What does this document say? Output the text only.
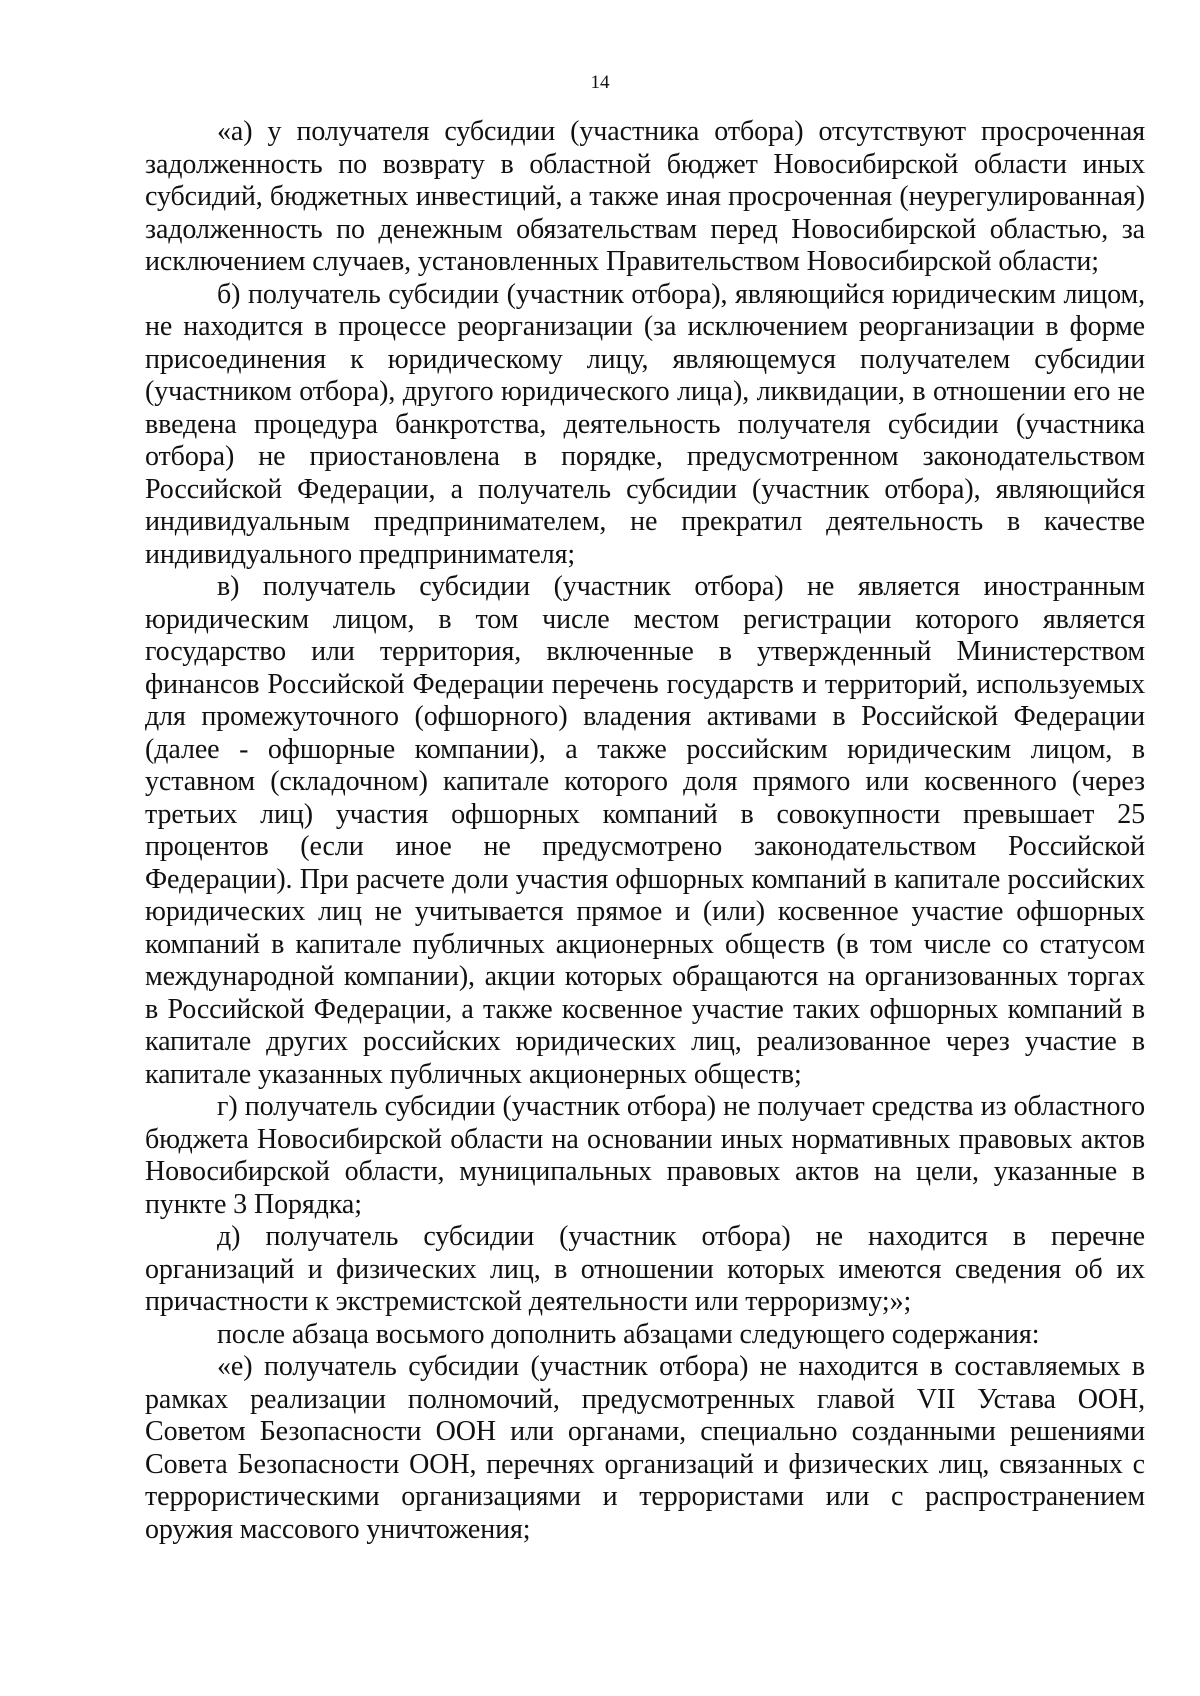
14

«а) у получателя субсидии (участника отбора) отсутствуют просроченная задолженность по возврату в областной бюджет Новосибирской области иных субсидий, бюджетных инвестиций, а также иная просроченная (неурегулированная) задолженность по денежным обязательствам перед Новосибирской областью, за исключением случаев, установленных Правительством Новосибирской области;

б) получатель субсидии (участник отбора), являющийся юридическим лицом, не находится в процессе реорганизации (за исключением реорганизации в форме присоединения к юридическому лицу, являющемуся получателем субсидии (участником отбора), другого юридического лица), ликвидации, в отношении его не введена процедура банкротства, деятельность получателя субсидии (участника отбора) не приостановлена в порядке, предусмотренном законодательством Российской Федерации, а получатель субсидии (участник отбора), являющийся индивидуальным предпринимателем, не прекратил деятельность в качестве индивидуального предпринимателя;

в) получатель субсидии (участник отбора) не является иностранным юридическим лицом, в том числе местом регистрации которого является государство или территория, включенные в утвержденный Министерством финансов Российской Федерации перечень государств и территорий, используемых для промежуточного (офшорного) владения активами в Российской Федерации (далее - офшорные компании), а также российским юридическим лицом, в уставном (складочном) капитале которого доля прямого или косвенного (через третьих лиц) участия офшорных компаний в совокупности превышает 25 процентов (если иное не предусмотрено законодательством Российской Федерации). При расчете доли участия офшорных компаний в капитале российских юридических лиц не учитывается прямое и (или) косвенное участие офшорных компаний в капитале публичных акционерных обществ (в том числе со статусом международной компании), акции которых обращаются на организованных торгах в Российской Федерации, а также косвенное участие таких офшорных компаний в капитале других российских юридических лиц, реализованное через участие в капитале указанных публичных акционерных обществ;

г) получатель субсидии (участник отбора) не получает средства из областного бюджета Новосибирской области на основании иных нормативных правовых актов Новосибирской области, муниципальных правовых актов на цели, указанные в пункте 3 Порядка;

д) получатель субсидии (участник отбора) не находится в перечне организаций и физических лиц, в отношении которых имеются сведения об их причастности к экстремистской деятельности или терроризму;»;

после абзаца восьмого дополнить абзацами следующего содержания:

«е) получатель субсидии (участник отбора) не находится в составляемых в рамках реализации полномочий, предусмотренных главой VII Устава ООН, Советом Безопасности ООН или органами, специально созданными решениями Совета Безопасности ООН, перечнях организаций и физических лиц, связанных с террористическими организациями и террористами или с распространением оружия массового уничтожения;
